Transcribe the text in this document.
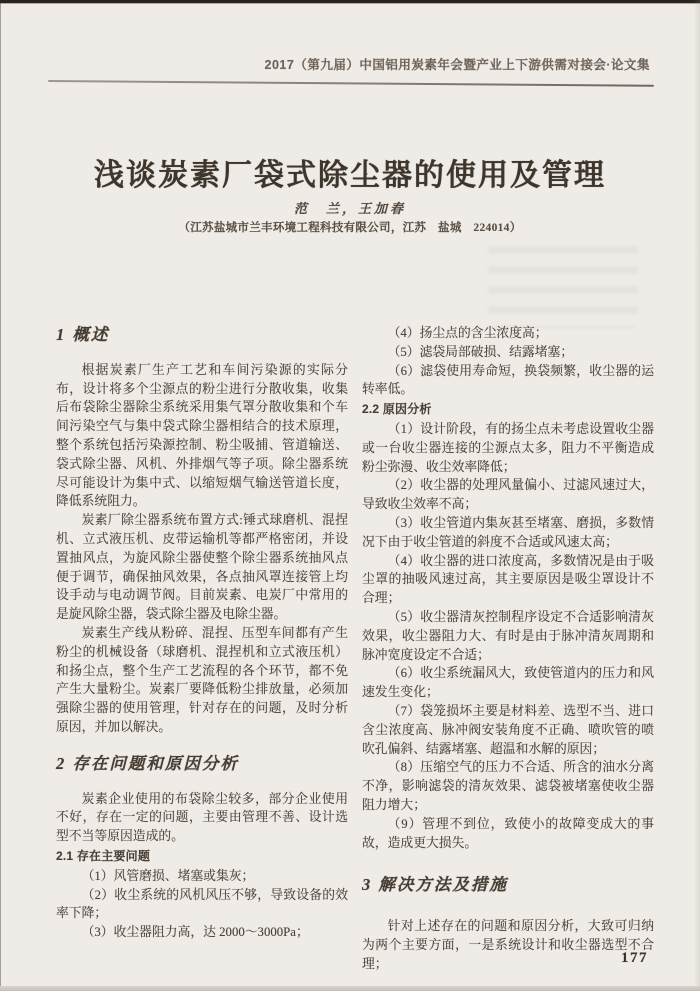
2017（第九届）中国铝用炭素年会暨产业上下游供需对接会·论文集
浅谈炭素厂袋式除尘器的使用及管理
范　兰，王加春
（江苏盐城市兰丰环境工程科技有限公司，江苏　盐城　224014）
1 概述

根据炭素厂生产工艺和车间污染源的实际分布，设计将多个尘源点的粉尘进行分散收集，收集后布袋除尘器除尘系统采用集气罩分散收集和个车间污染空气与集中袋式除尘器相结合的技术原理，整个系统包括污染源控制、粉尘吸捕、管道输送、袋式除尘器、风机、外排烟气等子项。除尘器系统尽可能设计为集中式、以缩短烟气输送管道长度，降低系统阻力。

炭素厂除尘器系统布置方式:锤式球磨机、混捏机、立式液压机、皮带运输机等都严格密闭，并设置抽风点，为旋风除尘器使整个除尘器系统抽风点便于调节，确保抽风效果，各点抽风罩连接管上均设手动与电动调节阀。目前炭素、电炭厂中常用的是旋风除尘器，袋式除尘器及电除尘器。

炭素生产线从粉碎、混捏、压型车间都有产生粉尘的机械设备（球磨机、混捏机和立式液压机）和扬尘点，整个生产工艺流程的各个环节，都不免产生大量粉尘。炭素厂要降低粉尘排放量，必须加强除尘器的使用管理，针对存在的问题，及时分析原因，并加以解决。

2 存在问题和原因分析

炭素企业使用的布袋除尘较多，部分企业使用不好，存在一定的问题，主要由管理不善、设计选型不当等原因造成的。

2.1 存在主要问题

（1）风管磨损、堵塞或集灰；

（2）收尘系统的风机风压不够，导致设备的效率下降；

（3）收尘器阻力高，达 2000～3000Pa；

（4）扬尘点的含尘浓度高；

（5）滤袋局部破损、结露堵塞；

（6）滤袋使用寿命短，换袋频繁，收尘器的运转率低。

2.2 原因分析

（1）设计阶段，有的扬尘点未考虑设置收尘器或一台收尘器连接的尘源点太多，阻力不平衡造成粉尘弥漫、收尘效率降低；

（2）收尘器的处理风量偏小、过滤风速过大，导致收尘效率不高；

（3）收尘管道内集灰甚至堵塞、磨损，多数情况下由于收尘管道的斜度不合适或风速太高；

（4）收尘器的进口浓度高，多数情况是由于吸尘罩的抽吸风速过高，其主要原因是吸尘罩设计不合理；

（5）收尘器清灰控制程序设定不合适影响清灰效果，收尘器阻力大、有时是由于脉冲清灰周期和脉冲宽度设定不合适；

（6）收尘系统漏风大，致使管道内的压力和风速发生变化；

（7）袋笼损坏主要是材料差、选型不当、进口含尘浓度高、脉冲阀安装角度不正确、喷吹管的喷吹孔偏斜、结露堵塞、超温和水解的原因；

（8）压缩空气的压力不合适、所含的油水分离不净，影响滤袋的清灰效果、滤袋被堵塞使收尘器阻力增大；

（9）管理不到位，致使小的故障变成大的事故，造成更大损失。

3 解决方法及措施

针对上述存在的问题和原因分析，大致可归纳为两个主要方面，一是系统设计和收尘器选型不合理；	177
